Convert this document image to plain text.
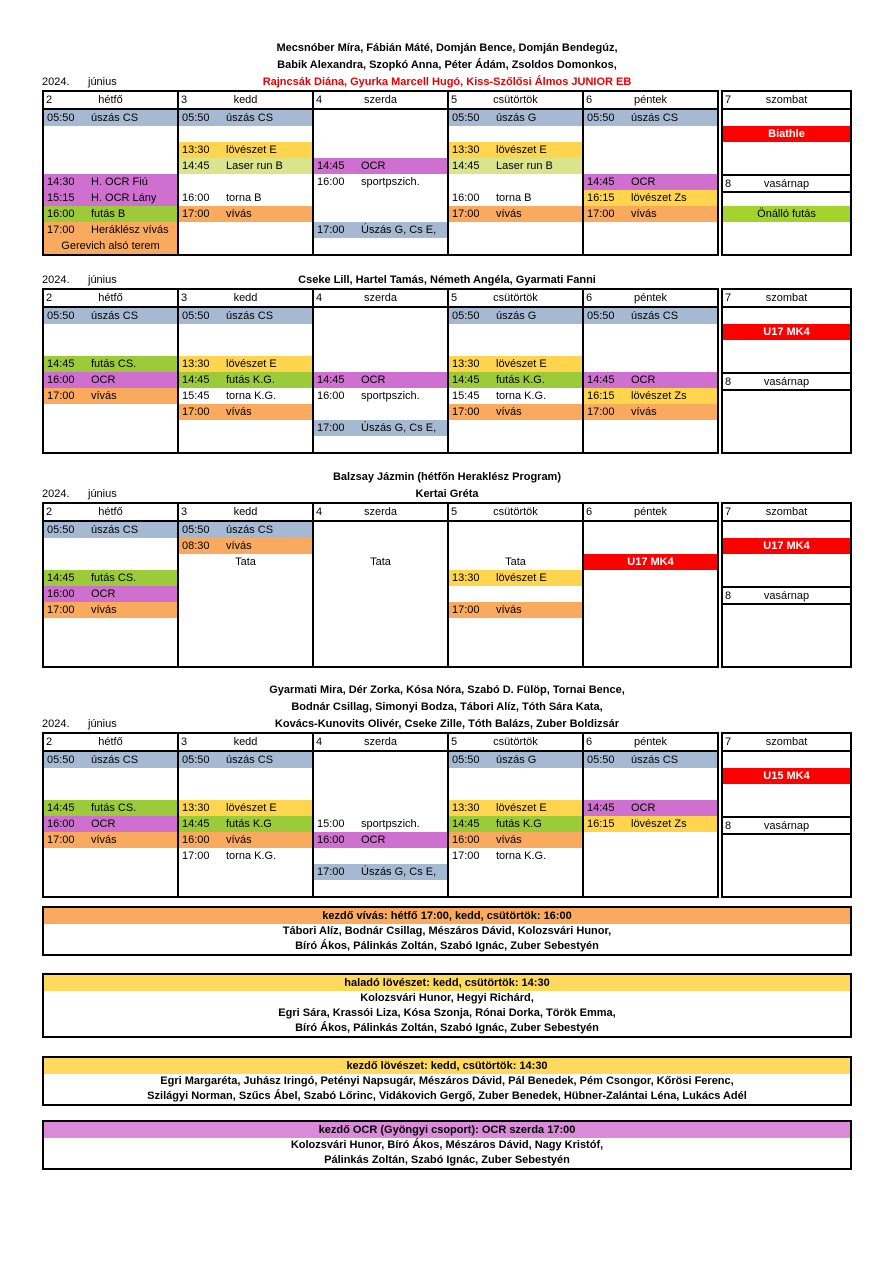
Mecsnóber Míra, Fábián Máté, Domján Bence, Domján Bendegúz,
Babik Alexandra, Szopkó Anna, Péter Ádám, Zsoldos Domonkos,
Rajncsák Diána, Gyurka Marcell Hugó, Kiss-Szőlősi Álmos JUNIOR EB
2024. június
2	hétfő
05:50 úszás CS
14:30 H. OCR Fiú
15:15 H. OCR Lány
16:00 futás B
17:00 Heráklész vívás
Gerevich alsó terem
3	kedd
05:50 úszás CS
13:30 lövészet E
14:45 Laser run B
16:00 torna B
17:00 vívás
4	szerda
14:45 OCR
16:00 sportpszich.
17:00 Úszás G, Cs E,
5	csütörtök
05:50 úszás G
13:30 lövészet E
14:45 Laser run B
16:00 torna B
17:00 vívás
6	péntek
05:50 úszás CS
14:45 OCR
16:15 lövészet Zs
17:00 vívás
7	szombat
Biathle
8	vasárnap
Önálló futás
Cseke Lill, Hartel Tamás, Németh Angéla, Gyarmati Fanni
2024. június
2	hétfő
05:50 úszás CS
14:45 futás CS.
16:00 OCR
17:00 vívás
3	kedd
05:50 úszás CS
13:30 lövészet E
14:45 futás K.G.
15:45 torna K.G.
17:00 vívás
4	szerda
14:45 OCR
16:00 sportpszich.
17:00 Úszás G, Cs E,
5	csütörtök
05:50 úszás G
13:30 lövészet E
14:45 futás K.G.
15:45 torna K.G.
17:00 vívás
6	péntek
05:50 úszás CS
14:45 OCR
16:15 lövészet Zs
17:00 vívás
7	szombat
U17 MK4
8	vasárnap
Balzsay Jázmin (hétfőn Heraklész Program)
Kertai Gréta
2024. június
2	hétfő
05:50 úszás CS
14:45 futás CS.
16:00 OCR
17:00 vívás
3	kedd
05:50 úszás CS
08:30 vívás
Tata
4	szerda
Tata
5	csütörtök
Tata
13:30 lövészet E
17:00 vívás
6	péntek
U17 MK4
7	szombat
U17 MK4
8	vasárnap
Gyarmati Mira, Dér Zorka, Kósa Nóra, Szabó D. Fülöp, Tornai Bence,
Bodnár Csillag, Simonyi Bodza, Tábori Alíz, Tóth Sára Kata,
Kovács-Kunovits Olivér, Cseke Zille, Tóth Balázs, Zuber Boldizsár
2024. június
2	hétfő
05:50 úszás CS
14:45 futás CS.
16:00 OCR
17:00 vívás
3	kedd
05:50 úszás CS
13:30 lövészet E
14:45 futás K.G
16:00 vívás
17:00 torna K.G.
4	szerda
15:00 sportpszich.
16:00 OCR
17:00 Úszás G, Cs E,
5	csütörtök
05:50 úszás G
13:30 lövészet E
14:45 futás K.G
16:00 vívás
17:00 torna K.G.
6	péntek
05:50 úszás CS
14:45 OCR
16:15 lövészet Zs
7	szombat
U15 MK4
8	vasárnap
kezdő vívás: hétfő 17:00, kedd, csütörtök: 16:00
Tábori Alíz, Bodnár Csillag, Mészáros Dávid, Kolozsvári Hunor,
Bíró Ákos, Pálinkás Zoltán, Szabó Ignác, Zuber Sebestyén
haladó lövészet: kedd, csütörtök: 14:30
Kolozsvári Hunor, Hegyi Richárd,
Egri Sára, Krassói Liza, Kósa Szonja, Rónai Dorka, Török Emma,
Bíró Ákos, Pálinkás Zoltán, Szabó Ignác, Zuber Sebestyén
kezdő lövészet: kedd, csütörtök: 14:30
Egri Margaréta, Juhász Iringó, Petényi Napsugár, Mészáros Dávid, Pál Benedek, Pém Csongor, Kőrösi Ferenc,
Szilágyi Norman, Szűcs Ábel, Szabó Lőrinc, Vidákovich Gergő, Zuber Benedek, Hübner-Zalántai Léna, Lukács Adél
kezdő OCR (Gyöngyi csoport): OCR szerda 17:00
Kolozsvári Hunor, Bíró Ákos, Mészáros Dávid, Nagy Kristóf,
Pálinkás Zoltán, Szabó Ignác, Zuber Sebestyén
